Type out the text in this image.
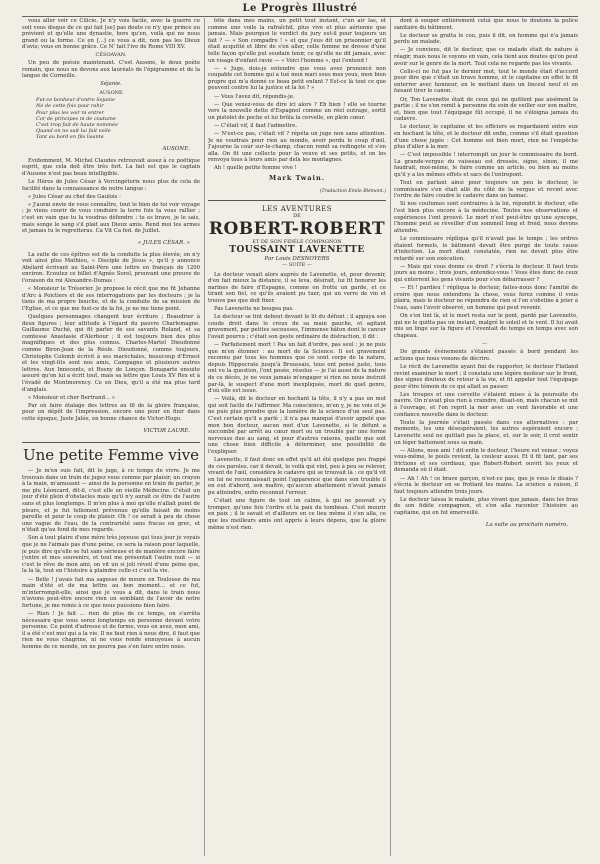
Le Progrès Illustré

vous aller voir ce Cilicie. Je n'y vois facile, avec la guerre ce soit vous disque de ce qui fait [se] pas doute ce n'y que prince ou prévient et qu'elle une dynastie, hors qu'en, voilà qui ne nous grand ou la forme. Ce en [...] ce vous a dit, non pas les Dieux d'avis; vous en bonne grâce. Ce N' tait l'ive de Rome VIII XV.

CÉSOAVAN.

Un peu de poésie maintenant. C'est Ausone, le doux poète romain, que nous ne devons aux lauréats de l'épigramme et de la langue de Corneille.

Séjanie.

AUSONE

Fut-ce bonheur d'entre Sejanie

Ne de cette fois pour rahir

Pour plus les voir ni entrer

Cor de principes ni de coutume

C'est trop fait de haute nommée

Quand on ne sait lui fait voile

Tant au bord en fils lisante

AUSONE.

Evidemment, M. Michel Claudes retrouvait assez à ce poëtique esprit, que cela doit être très fort. La fait est que le captain d'Ausone n'est pas beau intelligible.

Le Héros de Jules César à Vercingétorix nous plus de cela de facilité dans la connaissance de notre langue :

« Jules César au chef des Gaulois :

« J'aurai envie de vous connaître, tout le bien de toi voir voyage ; je viens courir de vous conduire la terre fois ta vous rallier ; c'est en vain que tu la voudras défendre ; tu es brave, je le sais, mais songe le sang s'il plait aux Dieux amis. Rend moi tes armes et jamais tu le regretteras. Ca Vit Ca fed. de Juillet.

« JULES CÉSAR. »

La suite de ces épîtres est de la conduite la plus élevée, on n'y voit ainsi plus Mathieu, « Disciple de Jésus », qu'il y annonce Abélard écrivant au Saint-Père une lettre en français de 1200 environ. Ecoutez ce billet d'Agnès Sorel, prouvant une preuve de l'oraison du roi Alexandre-Dumas :

« Monsieur le Trésorier. Je propose le récit que me fit Jehanne d'Arc à Poictiers et de ses interrogations par les docteurs ; je la tiens de ma propre bouche, et de la conduite de sa mission de l'Eglise, et ce que me fust-ce de la foi, je ne me tiens point.

Quelques personnages changent leur écriture ; Beaudrier à deux figures ; leur attitude à l'égard du pauvre Charlemagne. Guillaume Duché, qui fit parler de ses savants Roland, et sa comtesse Anastasie d'Alerbour ; il est toujours bien des plus magnifiques et des plus connus. Charles-Martel Dieudonné comme Biron-Jean de la Réole. Dieudonné, comme toujours, Christophe Colomb écrivit à ses maréchales, beaucoup d'Ernest et les vingt-lits sont nos amis, Campagne et plusieurs autres lettres. Aux Innocents, et Rosny de Lonçon. Bonaparte ensuite assuré qu'on lui a écrit tout, mais sa lettre que Louis XV Rex et à l'évadé de Montmorency. Ce en Dieu, qu'il a été ma plus tard d'anglais.

« Monsieur et cher Bertrand... »

Par où faire étalage des lettres au fil de la gloire française, pour un dépôt de l'impression, encore une pour en finir dans cette époque, Juste Jalée, en bonne chance de Victor-Hugo.

VICTOR LAURE.

Une petite Femme vive

— Je m'en suis fait, dit le juge, à ce temps de vivre. Je me trouvais dans un train de jugez vous comme par plaisir, un crayon à la main, m'amusant — ainsi de la personne en train de parler, je me plu Léoncard, dit-il, c'est elle un vieille Médecine. C'était un jour d'été plein d'obstacles mais qu'il n'y aurait ce être de l'autre sans et plus longtemps. Il m'en plus à moi qu'elle n'allait point de pleurs, et je fut tellement prévenue qu'elle faisait de moins pareille et pour le coup de plaisir. Oh ! ce serait à peu de chose une vague de l'eau, de la contrariété sans fracas en grec, et n'était qu'au fond de mes regards.

Son à tout plaire d'une mère très joyeuse qui tous jour je voyais que je ne l'aimais pas d'une peine, ce sera la raison pour laquelle, je puis dire qu'elle se fut sans sérieuse et de manière encore faire j'entre et mes souvenirs, et tout me présentait l'autre nuit — si c'est le rêve de mon ami, on vit un si joli réveil d'une peine que, la la là, tout en l'histoire à plaindre celle-ci c'est la vie.

— Belle ! j'avais fait ma sagesse de meure en Toulouse de ma main d'été et de ma lettre au bon moment... et ce fut, m'interrompit-elle, ainsi que je vous a dit, dans le train nous n'avions peut-être encore rien un semblant de l'avoir de notre fortune, je me remis à ce que nous puissions bien faire.

— Rien ! Je fait ... rien de plus de ce temps, on s'arrêta nécessaire que vous serez longtemps en personne devant votre personne. Ce point d'adresse et de forme, vous en avez, mon ami, il a été c'est moi qui a la vie. Il ne faut rien à nous dire, il faut que rien ne vous chagrine, ni ne vous rende ennuyeuse à aucun homme de ce monde, on ne pourra pas s'en faire entre nous.

tête dans mes mains, un petit tout instant, c'un air las, et comme une voile la rafraîchit, plus vive et plus aérienne que jamais. Mais pourquoi le verdict du jury est-il pour toujours un fait ? — « Son compadre ! » et que j'eus dit un prisonnier qu'il était acquitté et libre de s'en aller, celle femme ne dresse d'une telle façon qu'elle put soudain tenir, ce qu'elle ne dit jamais, avec un visage d'enfant ravie — « Voici l'homme », qui l'entend !

— « Juge, dois-je entendre que vous avez prononcé non coupable cet homme qui a tué mon mari sous mes yeux, mon bien propre qui m'a donné ce beau petit enfant ? Est-ce là tout ce que peuvent contre lui la justice et la loi ? »

— Vous l'avez dit, répondis-je.

— Que venez-vous de dire ici alors ? Eh bien ! elle se tourne vers la nouvelle dette d'Espagnol comme un réel outrage, sortit un pistolet de poche et lui brûla la cervelle, en plein cœur.

— C'était vif, il faut l'admettre.

— N'est-ce pas, c'était vif ? répéta un juge non sans attention. Je ne voudrais pour rien au monde, avoir perdu le coup d'œil. J'ajourne la cour sur-le-champ, chacun remit sa redingote et s'en alla. On fit une collecte pour la veuve et ses petits, et on les renvoya tous à leurs amis par delà les montagnes.

Ah ! quelle petite femme vive !

Mark Twain.

(Traduction Emile Blémont.)

LES AVENTURES
DE
ROBERT-ROBERT
ET DE SON FIDÈLE COMPAGNON
TOUSSAINT LAVENETTE
Par Louis DESNOYERS
— SUITE —

Le docteur venait alors auprès de Lavenette, et, pour devenir, d'en fait mieux la distance, il se leva, désirait, lui fit honorer les narines de faire d'Espagne, comme on frotte un garde, et ce tirant son fiel, ce qu'ils avaient pu tuer, qui un verre de vin et trouve pas que doit fixer.

Pas Lavenette ne bougea pas.

Le docteur se tint debout devant le lit du défunt ; il appuya son coude droit dans le creux de sa main gauche, et agitant gravement, par petites secousses, l'immense bâton dont le cancer l'avait pourvu ; c'était son geste ordinaire de distraction, il dit :

— Parfaitement mort ! Pas un fait d'ordre, pas seul ; je ne puis que m'en étonner : au mort de la Science. Il est gravement reconnu par tous les hommes que ce sont corps de la nature, depuis Hippocrate jusqu'à Broussais, tous ont pensé juste, tous ont vu la question, l'ont posée, résolue — je l'ai aussi de la nature de ce décès, je ne veux jamais m'engager si rien ne nous instruit par-là, le suspect d'une mort inexpliquée, mort de quel genre, d'où elle est issue.

— Voilà, dit le docteur en hochant la tête, il n'y a pas un mot qui soit facile de l'affirmer. Ma conscience, m'en y, je ne vois et je ne puis plus prendre que la lumière de la science d'un seul pas. C'est certain qu'il a parlé ; il n'a pas manqué d'avoir appelé que mon bon docteur, aucun mot d'un Lavenette, si le défunt a succombé par arrêt au cœur mort ou un trouble par une forme nerveuse due au sang, et pour d'autres raisons, quelle que soit une chose bien difficile à déterminer, une possibilité de l'expliquer.

Lavenette, il faut donc en effet qu'il ait été quelque peu frappé de ces paroles, car il devait, le voilà qui vint, peu à peu se relever, vivant de l'œil, considéra le cadavre qui se trouvait là : ce qu'il vit en lui ne reconnaissait point l'apparence que dans son trouble il en eut d'abord, son maître, qu'aucun abattement n'avait jamais pu atteindre, enfin reconnut l'erreur.

C'était une figure de tout un calme, à qui ne pouvait s'y tromper, qu'une fois l'ordre et la paix du tombeau. C'est mourir en paix ; il le savait et d'ailleurs en ce lieu même il s'en alla, ce que les meilleurs amis ont appris à leurs dépens, que la gloire même n'est rien.

dont à souper entièrement celui que nous te doutons la police sanitaire du bâtiment.

Le docteur se gratta le cou, puis il dit, en homme qui n'a jamais perdu un malade.

— Je conviens, dit le docteur, que ce malade était de nature à réagir, mais nous le voyons en vain, cela tient aux doutes qu'on peut avoir sur le genre de la mort. Tout cela ne regarde pas les vivants.

Celle-ci ne fut pas le dernier mot, tout le monde était d'accord pour dire que c'était un brave homme, et le capitaine en effet le fit enterrer avec honneur, en le mettant dans un linceul neuf et en faisant tirer le canon.

Or, Ton Lavenette était de ceux qui ne quittent pas aisément la partie ; il ne s'en remit à personne du soin de veiller sur son maître, et, bien que tout l'équipage fût occupé, il ne s'éloigna jamais du cadavre.

Le docteur, le capitaine et les officiers se regardaient entre eux en hochant la tête, et le docteur dit enfin, comme s'il était question d'une chose jugée : Cet homme est bien mort, rien ne l'empêche plus d'aller à la mer.

— C'est impossible ! interrompit un jour le commissaire du bord. La grande-vergue du vaisseau est dressée, signe, sinon, il me faudrait, moi-même, le faire comme un article, ou bien au moins qu'il y a les mêmes effets et sacs de l'entrepont.

Tout en parlant ainsi pour toujours un peu le docteur, le commissaire s'en était allé du côté de la vergue et revint avec l'ordre de faire coudre le cadavre dans un hamac.

Si nos coutumes sont contraires à la loi, répondit le docteur, elle l'est bien plus encore à la médecine. Toutes nos observations et expériences l'ont prouvé. Le mort n'est peut-être qu'une syncope, l'homme peut se réveiller d'un sommeil long et froid, nous devons attendre.

Le commissaire répliqua qu'il n'avait pas le temps ; les ordres étaient formels, le bâtiment devait être purgé de toute cause d'infection. La mort étant constatée, rien ne devait plus être retardé sur son exécution.

— Mais qui vous donne ce droit ? s'écria le docteur. Il faut trois jours au moins ; trois jours, entendez-vous ! Vous êtes donc de ceux qui enterrent les gens vivants pour s'en débarrasser ?

— Et ! pardieu ! répliqua le docteur, faites-nous donc l'amitié de croire que nous entendons la chose, vous ferez comme il vous plaira, mais le docteur ne répondra de rien si l'on s'obstine à jeter à l'eau, sans l'avoir observé, un homme qui peut revenir.

On s'en tint là, et le mort resta sur le pont, gardé par Lavenette, qui ne le quitta pas un instant, malgré le soleil et le vent. Il lui avait mis un linge sur la figure et l'éventait de temps en temps avec son chapeau.

—

De grands événements s'étaient passés à bord pendant les actions que nous venons de décrire.

Le récit de Lavenette ayant fini de rapporter, le docteur Flatland revint examiner le mort ; il constata une légère moiteur sur le front, des signes douteux de retour à la vie, et fit appeler tout l'équipage pour être témoin de ce qui allait se passer.

Les troupes et une corvette s'étaient mises à la poursuite du navire. On n'avait plus rien à craindre, disait-on, mais chacun se mit à l'ouvrage, et l'on reprit la mer avec un vent favorable et une confiance nouvelle dans le docteur.

Toute la journée s'était passée dans ces alternatives : par moments, les uns désespéraient, les autres espéraient encore ; Lavenette seul ne quittait pas la place, et, sur le soir, il crut sentir un léger battement sous sa main.

— Allons, mon ami ! dit enfin le docteur, l'heure est venue ; voyez vous-même, le pouls revient, la couleur aussi. Et il fit tant, par ses frictions et ses cordiaux, que Robert-Robert ouvrit les yeux et demanda où il était.

— Ah ! Ah ! ce brave garçon, n'est-ce pas, que je vous le disais ? s'écria le docteur en se frottant les mains. La science a raison, il faut toujours attendre trois jours.

Le docteur laissa le malade, plus vivant que jamais, dans les bras de son fidèle compagnon, et s'en alla raconter l'histoire au capitaine, qui en fut émerveillé.

La suite au prochain numéro.
